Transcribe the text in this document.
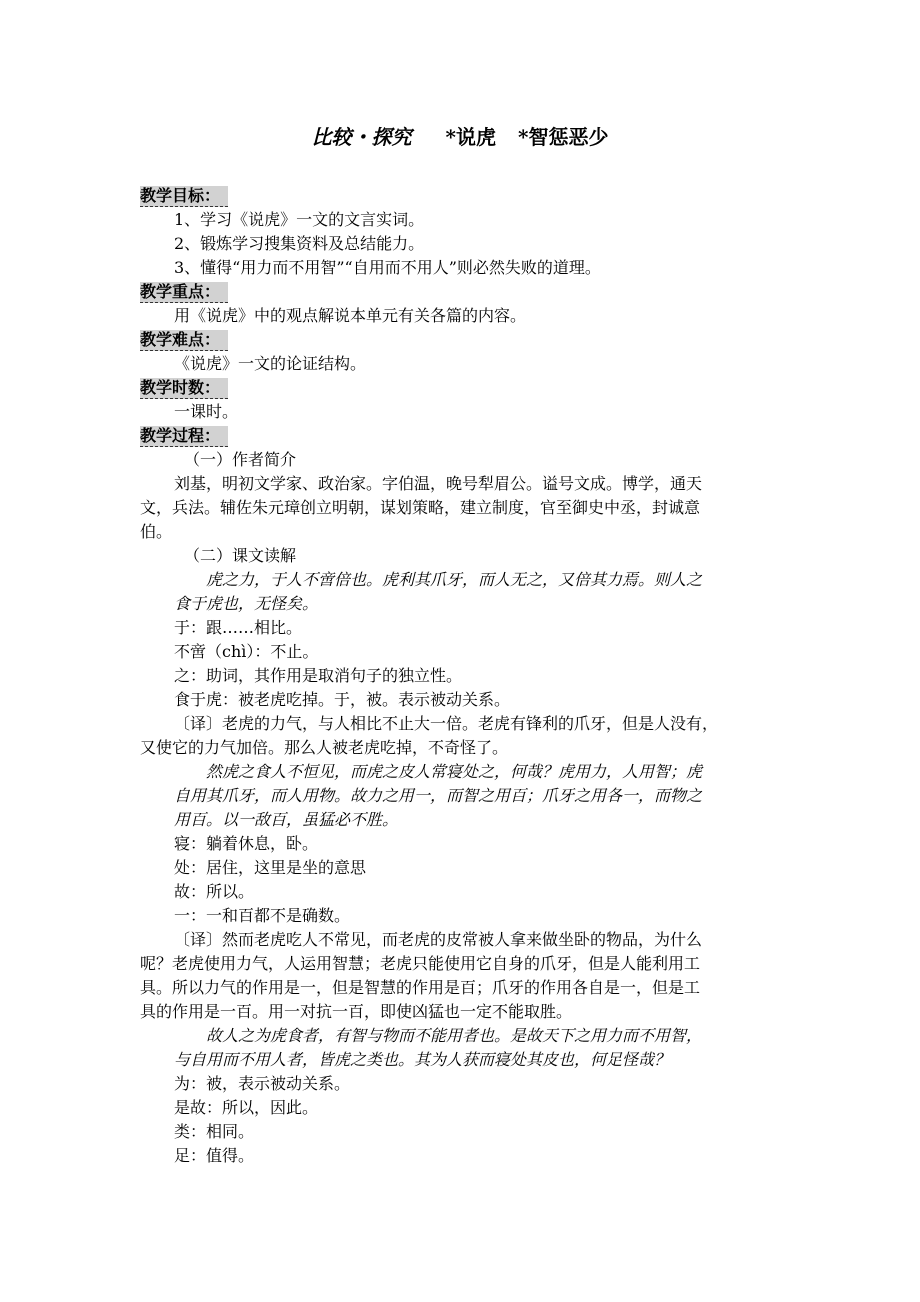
比较・探究 *说虎 *智惩恶少
教学目标：
1、学习《说虎》一文的文言实词。
2、锻炼学习搜集资料及总结能力。
3、懂得“用力而不用智”“自用而不用人”则必然失败的道理。
教学重点：
用《说虎》中的观点解说本单元有关各篇的内容。
教学难点：
《说虎》一文的论证结构。
教学时数：
一课时。
教学过程：
（一）作者简介
刘基，明初文学家、政治家。字伯温，晚号犁眉公。谥号文成。博学，通天
文，兵法。辅佐朱元璋创立明朝，谋划策略，建立制度，官至御史中丞，封诚意
伯。
（二）课文读解
虎之力，于人不啻倍也。虎利其爪牙，而人无之，又倍其力焉。则人之
食于虎也，无怪矣。
于：跟……相比。
不啻（chì）：不止。
之：助词，其作用是取消句子的独立性。
食于虎：被老虎吃掉。于，被。表示被动关系。
〔译〕老虎的力气，与人相比不止大一倍。老虎有锋利的爪牙，但是人没有，
又使它的力气加倍。那么人被老虎吃掉，不奇怪了。
然虎之食人不恒见，而虎之皮人常寝处之，何哉？虎用力，人用智；虎
自用其爪牙，而人用物。故力之用一，而智之用百；爪牙之用各一，而物之
用百。以一敌百，虽猛必不胜。
寝：躺着休息，卧。
处：居住，这里是坐的意思
故：所以。
一：一和百都不是确数。
〔译〕然而老虎吃人不常见，而老虎的皮常被人拿来做坐卧的物品，为什么
呢？老虎使用力气，人运用智慧；老虎只能使用它自身的爪牙，但是人能利用工
具。所以力气的作用是一，但是智慧的作用是百；爪牙的作用各自是一，但是工
具的作用是一百。用一对抗一百，即使凶猛也一定不能取胜。
故人之为虎食者，有智与物而不能用者也。是故天下之用力而不用智，
与自用而不用人者，皆虎之类也。其为人获而寝处其皮也，何足怪哉？
为：被，表示被动关系。
是故：所以，因此。
类：相同。
足：值得。
